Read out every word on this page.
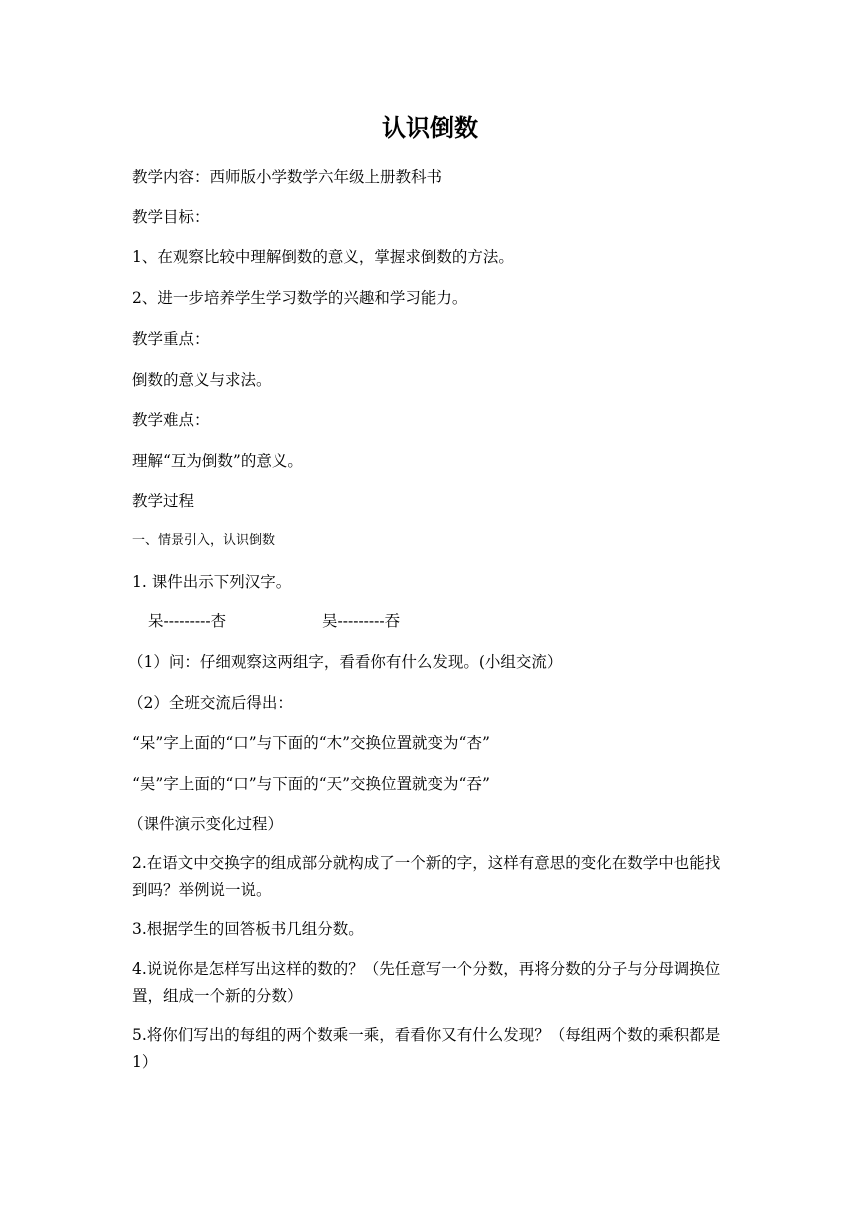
认识倒数

教学内容：西师版小学数学六年级上册教科书

教学目标：

1、在观察比较中理解倒数的意义，掌握求倒数的方法。

2、进一步培养学生学习数学的兴趣和学习能力。

教学重点：

倒数的意义与求法。

教学难点：

理解“互为倒数”的意义。

教学过程

一、情景引入，认识倒数

1. 课件出示下列汉字。

呆---------杏	吴---------吞

（1）问：仔细观察这两组字，看看你有什么发现。(小组交流）

（2）全班交流后得出：

“呆”字上面的“口”与下面的“木”交换位置就变为“杏”

“吴”字上面的“口”与下面的“天”交换位置就变为“吞”

（课件演示变化过程）

2.在语文中交换字的组成部分就构成了一个新的字，这样有意思的变化在数学中也能找到吗？举例说一说。

3.根据学生的回答板书几组分数。

4.说说你是怎样写出这样的数的？（先任意写一个分数，再将分数的分子与分母调换位置，组成一个新的分数）

5.将你们写出的每组的两个数乘一乘，看看你又有什么发现？（每组两个数的乘积都是 1）
